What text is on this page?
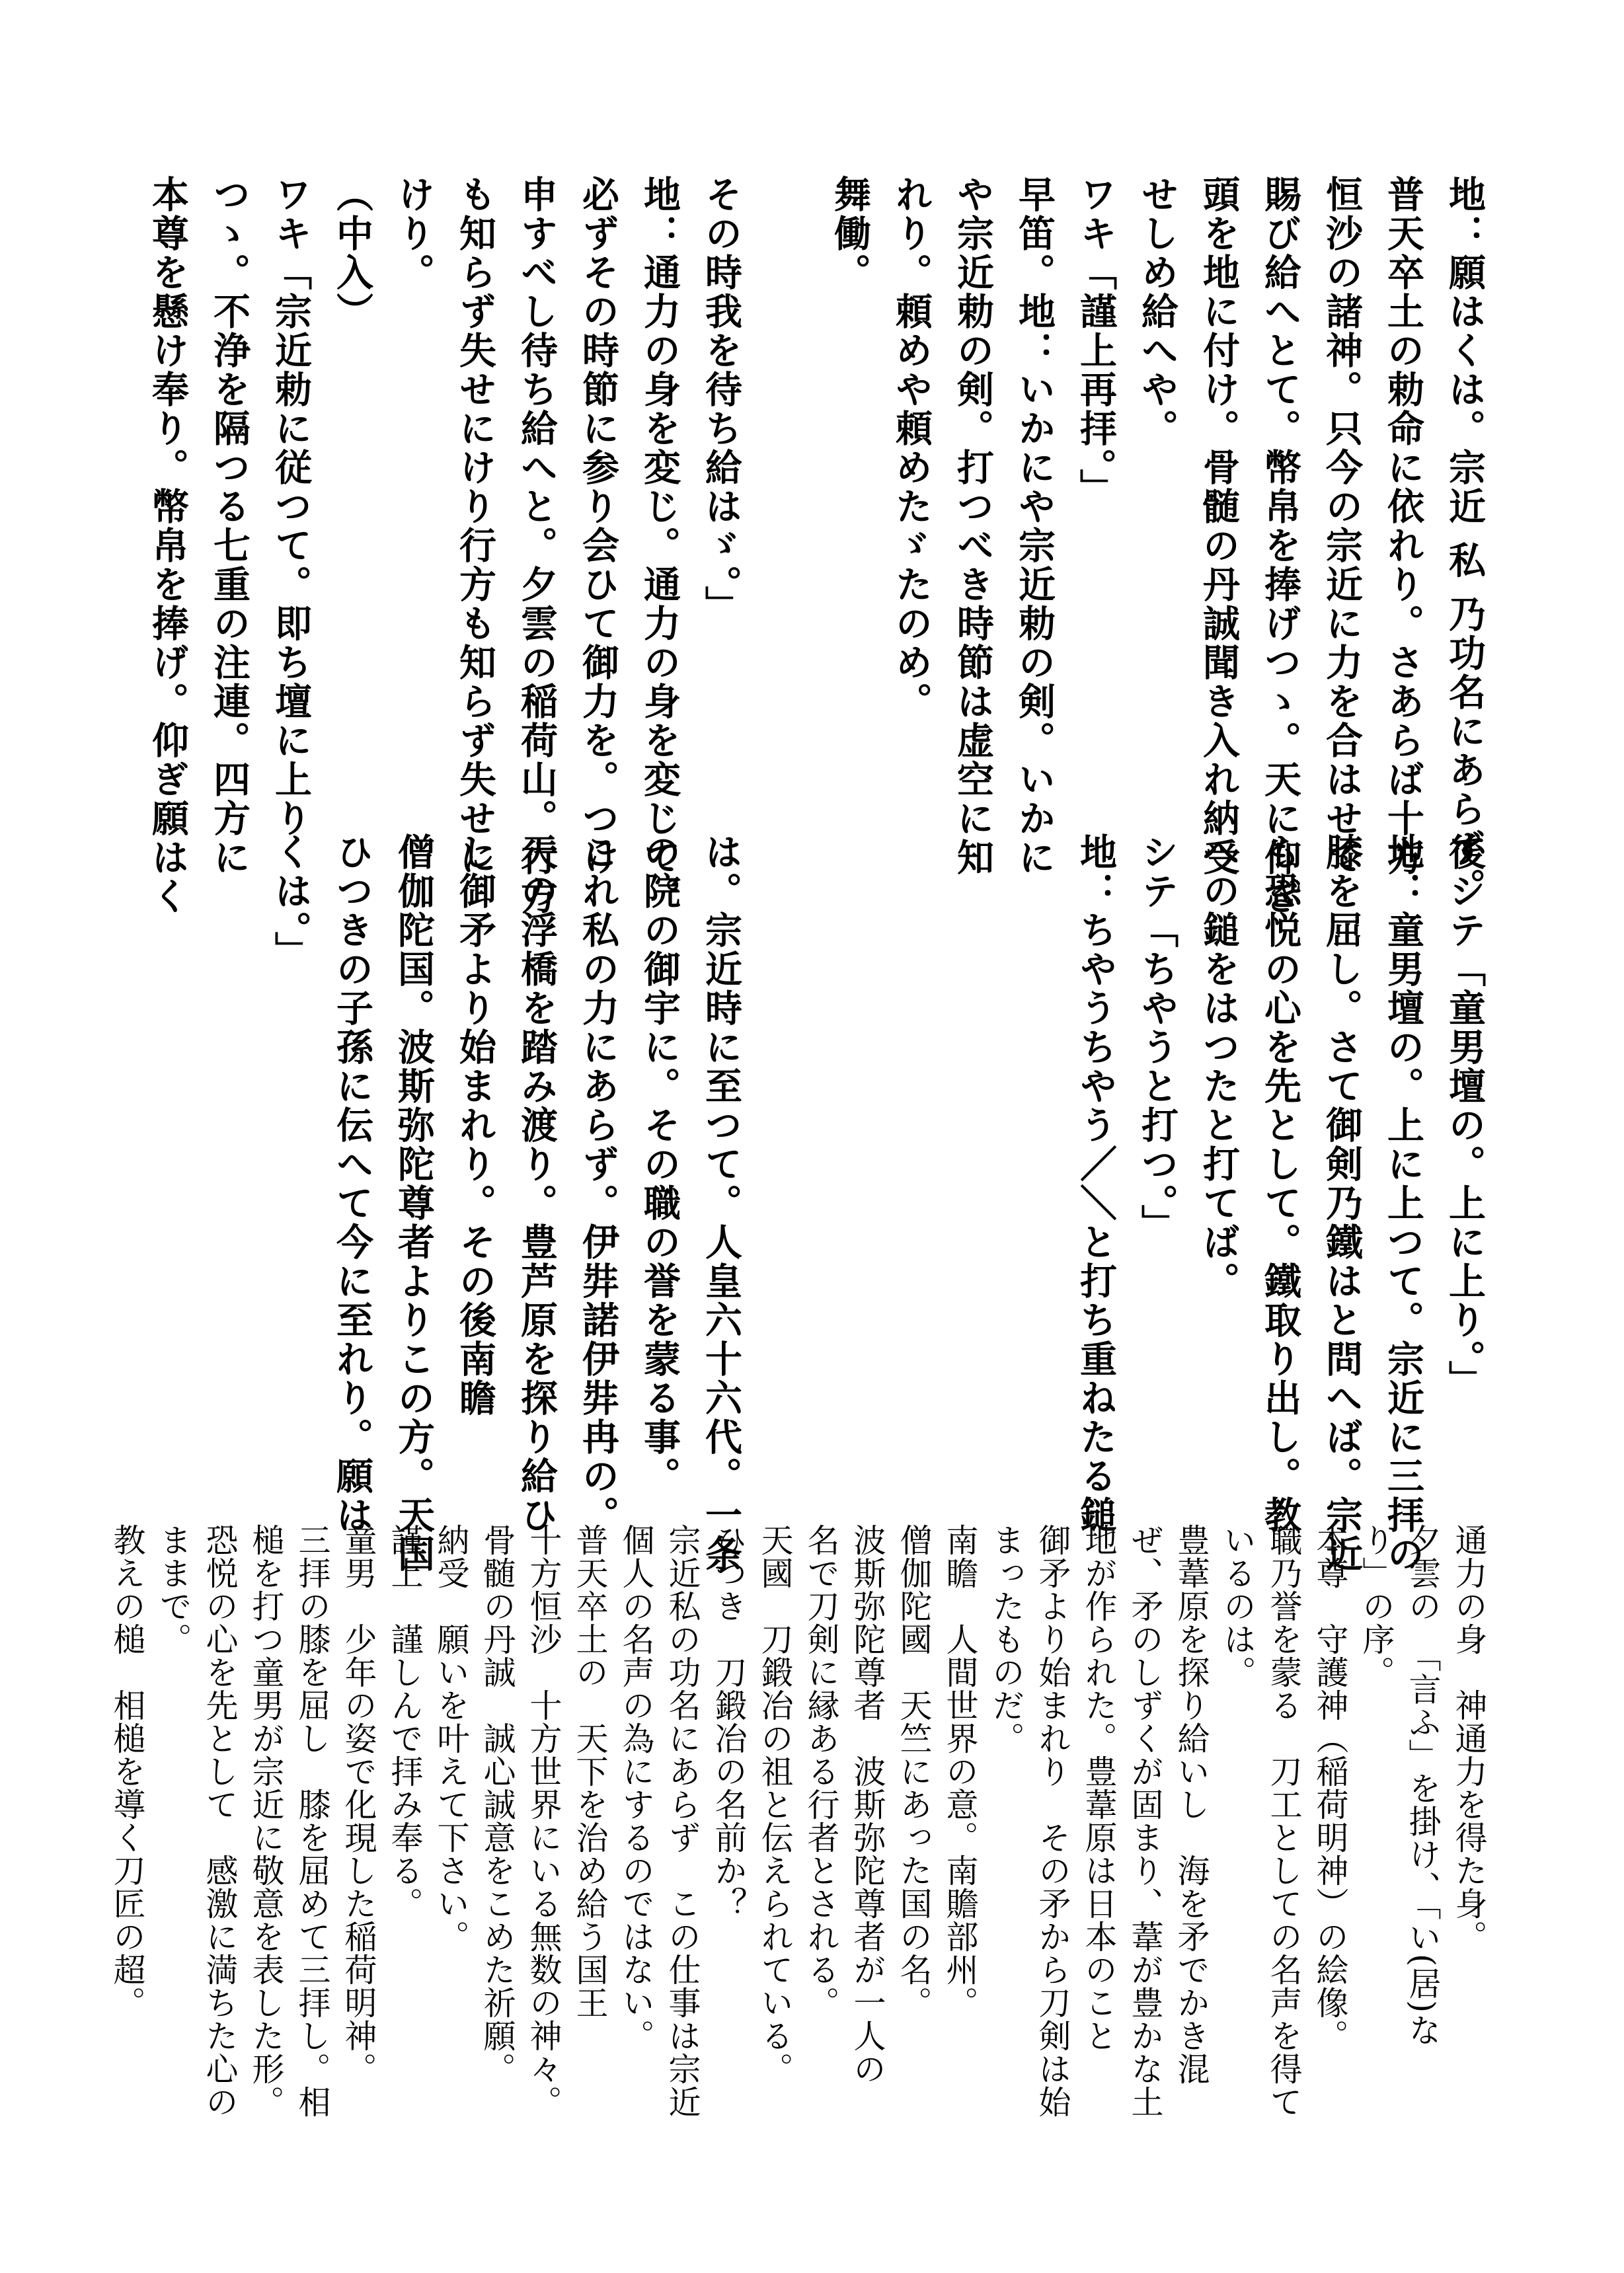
地：願はくは。宗近 私 乃功名にあらず。
普天卒土の勅命に依れり。さあらば十方
恒沙の諸神。只今の宗近に力を合はせて
賜び給へとて。幣帛を捧げつゝ。天に仰ぎ
頭を地に付け。骨髄の丹誠聞き入れ納受
せしめ給へや。
ワキ「謹上再拝。」
早笛。地：いかにや宗近勅の剣。いかに
や宗近勅の剣。打つべき時節は虚空に知
れり。頼めや頼めたゞたのめ。
舞働。
その時我を待ち給はゞ。」
地：通力の身を変じ。通力の身を変じて。
必ずその時節に参り会ひて御力を。つけ
申すべし待ち給へと。夕雲の稲荷山。行方
も知らず失せにけり行方も知らず失せに
けり。
（中入）
ワキ「宗近勅に従つて。即ち壇に上り
つゝ。不浄を隔つる七重の注連。四方に
本尊を懸け奉り。幣帛を捧げ。仰ぎ願はく
後シテ「童男壇の。上に上り。」
地：童男壇の。上に上つて。宗近に三拝の
膝を屈し。さて御剣乃鐵はと問へば。宗近
も恐悦の心を先として。鐵取り出し。教
への鎚をはつたと打てば。
シテ「ちやうと打つ。」
地：ちやうちやう／＼と打ち重ねたる鎚
は。宗近時に至つて。人皇六十六代。一条
の院の御宇に。その職の誉を蒙る事。
これ私の力にあらず。伊弉諾伊弉冉の。
天の浮橋を踏み渡り。豊芦原を探り給ひ
し御矛より始まれり。その後南瞻
僧伽陀国。波斯弥陀尊者よりこの方。天国
ひつきの子孫に伝へて今に至れり。願は
くは。」
通力の身　神通力を得た身。
夕雲の　「言ふ」を掛け、「い(居)な
り」の序。
本尊　守護神（稲荷明神）の絵像。
職乃誉を蒙る　刀工としての名声を得て
いるのは。
豊葦原を探り給いし　海を矛でかき混
ぜ、矛のしずくが固まり、葦が豊かな土
地が作られた。豊葦原は日本のこと
御矛より始まれり　その矛から刀剣は始
まったものだ。
南瞻　人間世界の意。南贍部州。
僧伽陀國　天竺にあった国の名。
波斯弥陀尊者　波斯弥陀尊者が一人の
名で刀剣に縁ある行者とされる。
天國　刀鍛冶の祖と伝えられている。
ひつき　刀鍛冶の名前か？
宗近私の功名にあらず　この仕事は宗近
個人の名声の為にするのではない。
普天卒土の　天下を治め給う国王
十方恒沙　十方世界にいる無数の神々。
骨髄の丹誠　誠心誠意をこめた祈願。
納受　願いを叶えて下さい。
謹上　謹しんで拝み奉る。
童男　少年の姿で化現した稲荷明神。
三拝の膝を屈し　膝を屈めて三拝し。相
槌を打つ童男が宗近に敬意を表した形。
恐悦の心を先として　感激に満ちた心の
ままで。
教えの槌　相槌を導く刀匠の超。
